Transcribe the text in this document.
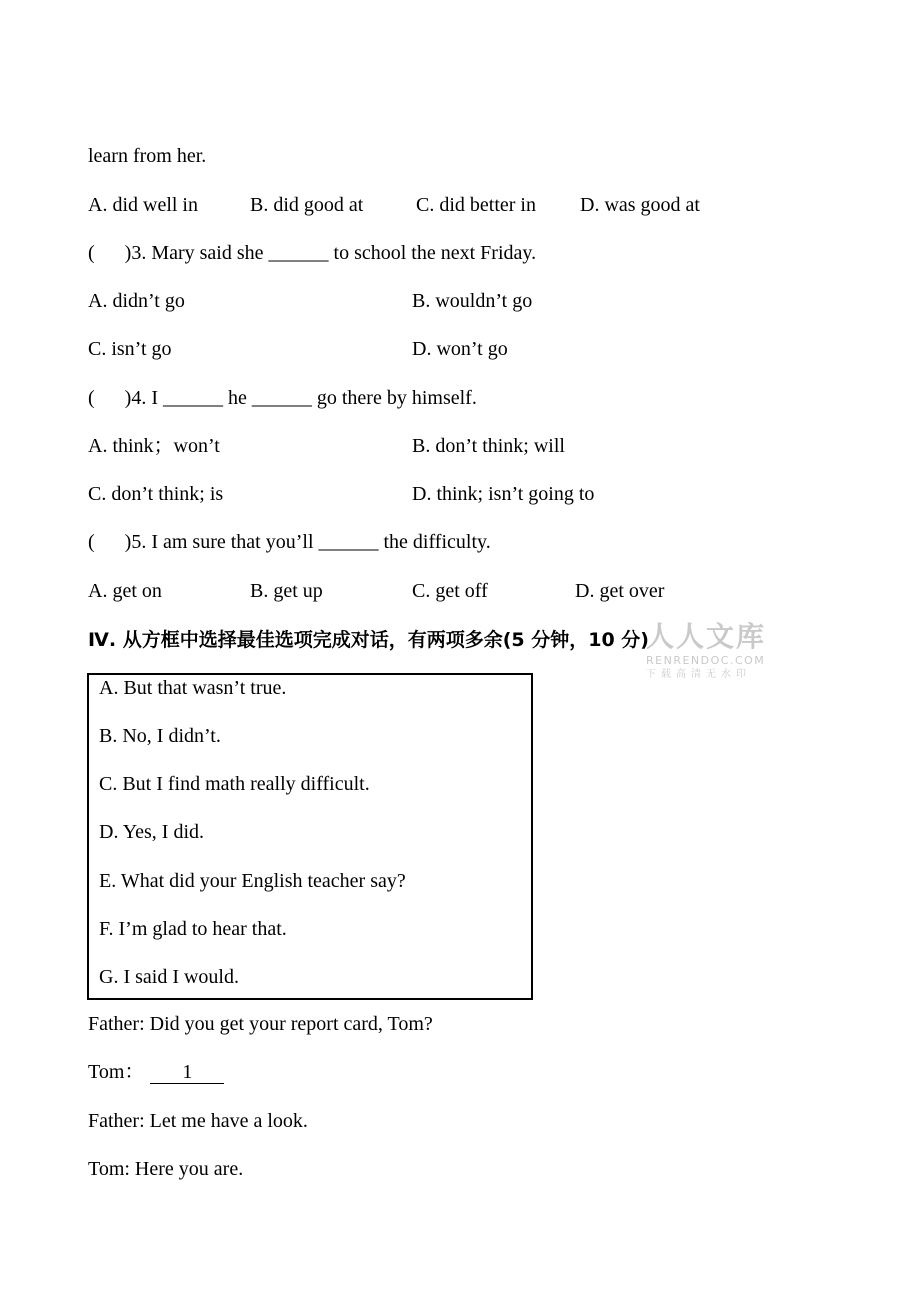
learn from her.
A. did well in	B. did good at	C. did better in D. was good at
(      )3. Mary said she ______ to school the next Friday.
A. didn’t go	B. wouldn’t go
C. isn’t go	D. won’t go
(      )4. I ______ he ______ go there by himself.
A. think；won’t	B. don’t think; will
C. don’t think; is	D. think; isn’t going to
(      )5. I am sure that you’ll ______ the difficulty.
A. get on	B. get up	C. get off	D. get over
Ⅳ. 从方框中选择最佳选项完成对话，有两项多余(5 分钟，10 分)
人人文库
RENRENDOC.COM
下载高清无水印
A. But that wasn’t true.
B. No, I didn’t.
C. But I find math really difficult.
D. Yes, I did.
E. What did your English teacher say?
F. I’m glad to hear that.
G. I said I would.
Father: Did you get your report card, Tom?
Tom： 1
Father: Let me have a look.
Tom: Here you are.
